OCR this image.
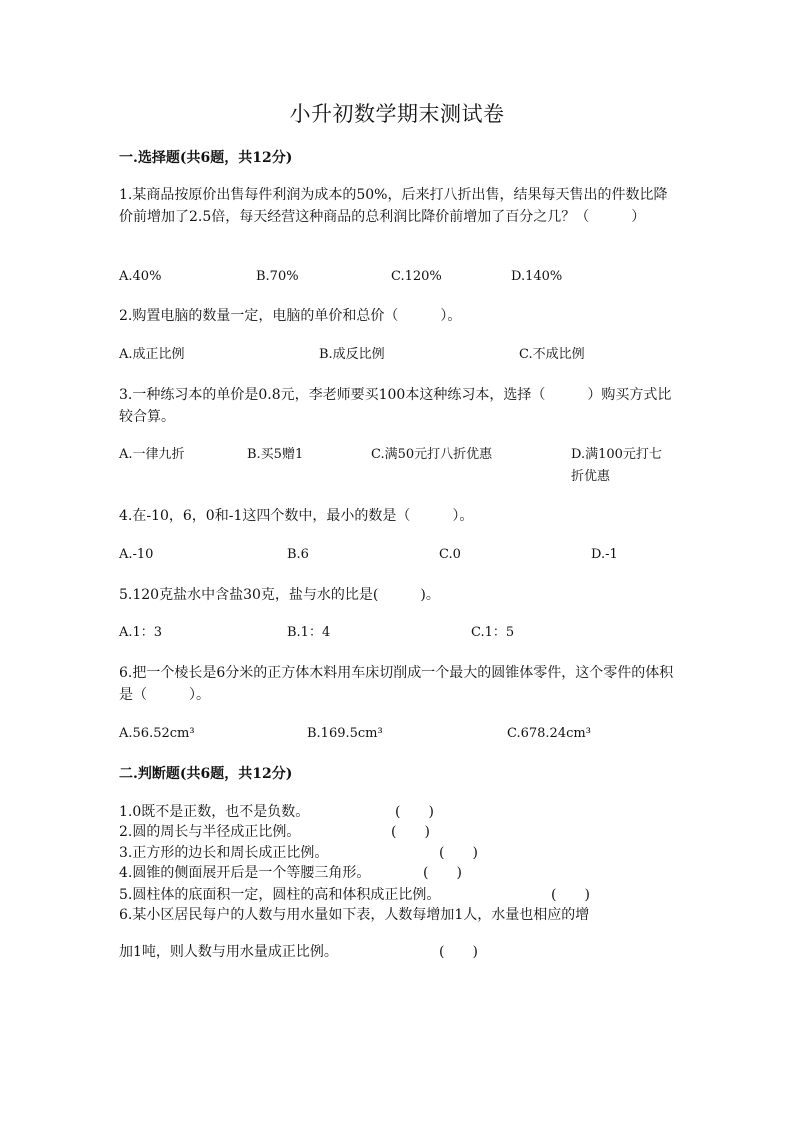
小升初数学期末测试卷
一.选择题(共6题，共12分)
1.某商品按原价出售每件利润为成本的50%，后来打八折出售，结果每天售出的件数比降价前增加了2.5倍，每天经营这种商品的总利润比降价前增加了百分之几？（　　　）
A.40%	B.70%	C.120%	D.140%
2.购置电脑的数量一定，电脑的单价和总价（　　　）。
A.成正比例	B.成反比例	C.不成比例
3.一种练习本的单价是0.8元，李老师要买100本这种练习本，选择（　　　）购买方式比较合算。
A.一律九折	B.买5赠1	C.满50元打八折优惠	D.满100元打七折优惠
4.在-10，6，0和-1这四个数中，最小的数是（　　　）。
A.-10	B.6	C.0	D.-1
5.120克盐水中含盐30克，盐与水的比是(　　　)。
A.1：3	B.1：4	C.1：5
6.把一个棱长是6分米的正方体木料用车床切削成一个最大的圆锥体零件，这个零件的体积是（　　　）。
A.56.52cm³	B.169.5cm³	C.678.24cm³
二.判断题(共6题，共12分)
1.0既不是正数，也不是负数。	(　　)
2.圆的周长与半径成正比例。	(　　)
3.正方形的边长和周长成正比例。	(　　)
4.圆锥的侧面展开后是一个等腰三角形。	(　　)
5.圆柱体的底面积一定，圆柱的高和体积成正比例。	(　　)
6.某小区居民每户的人数与用水量如下表，人数每增加1人，水量也相应的增
加1吨，则人数与用水量成正比例。	(　　)
